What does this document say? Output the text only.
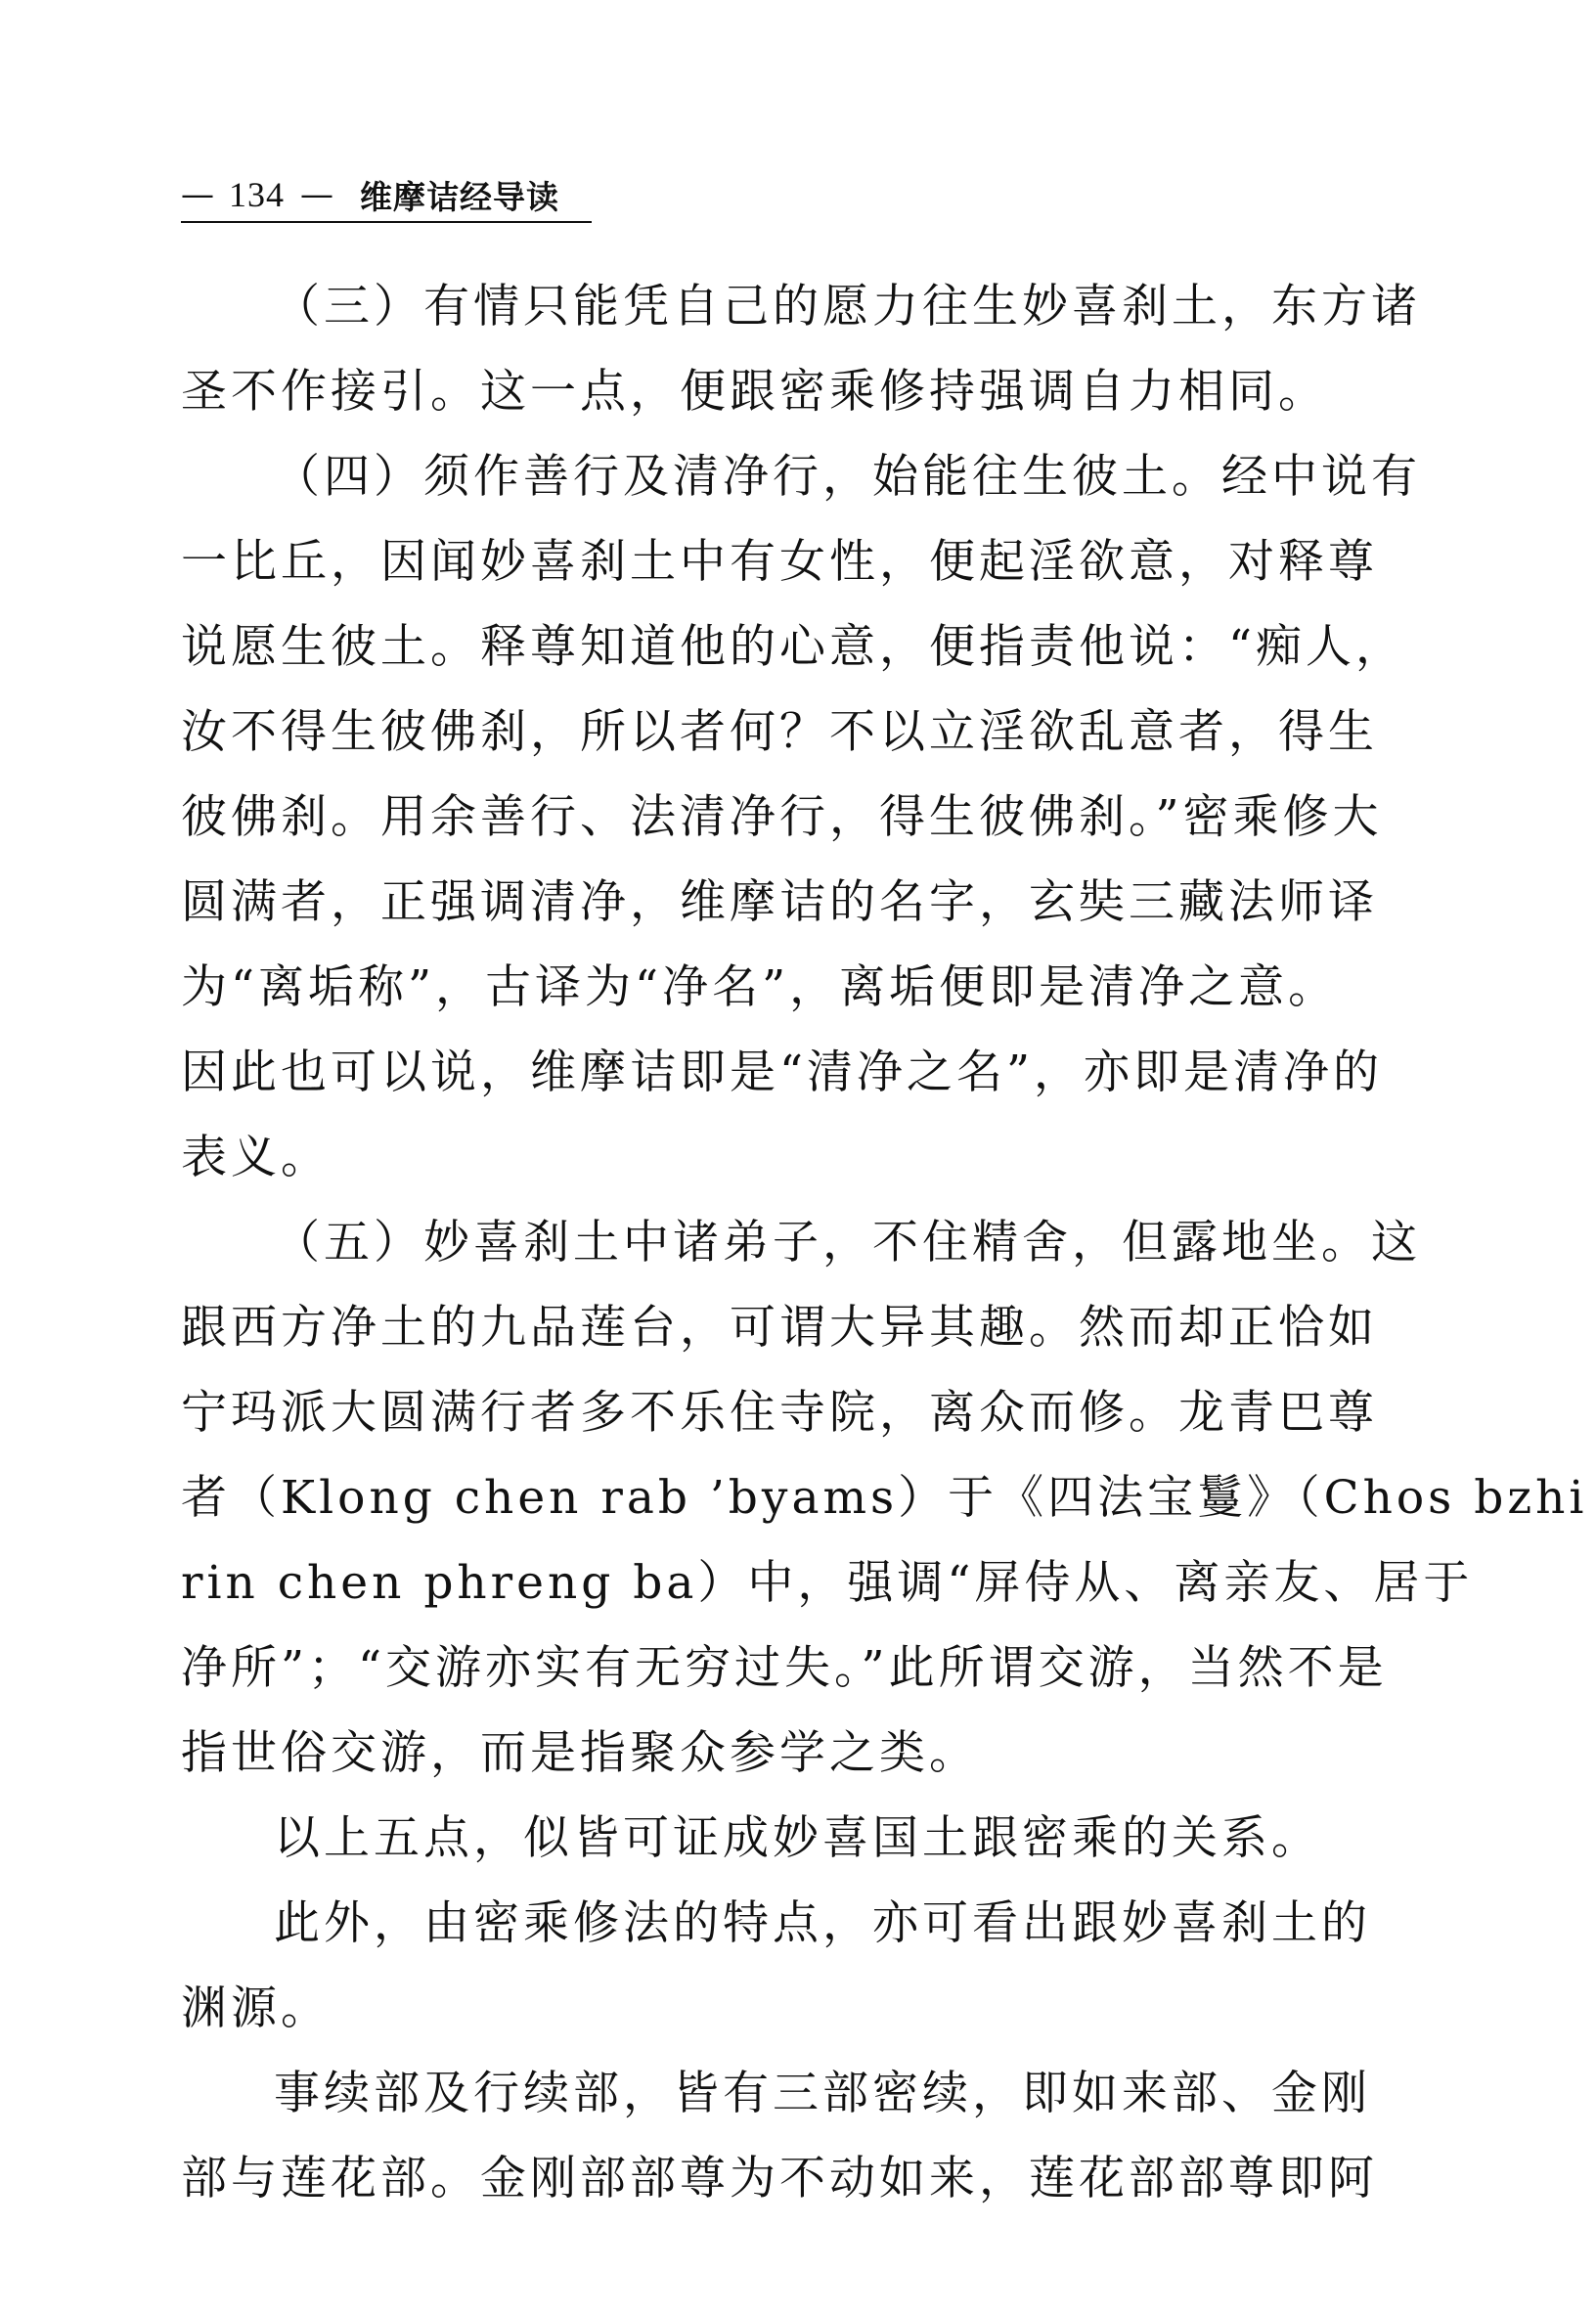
— 134 — 维摩诘经导读
（三）有情只能凭自己的愿力往生妙喜刹土，东方诸
圣不作接引。这一点，便跟密乘修持强调自力相同。
（四）须作善行及清净行，始能往生彼土。经中说有
一比丘，因闻妙喜刹土中有女性，便起淫欲意，对释尊
说愿生彼土。释尊知道他的心意，便指责他说：“痴人，
汝不得生彼佛刹，所以者何？不以立淫欲乱意者，得生
彼佛刹。用余善行、法清净行，得生彼佛刹。”密乘修大
圆满者，正强调清净，维摩诘的名字，玄奘三藏法师译
为“离垢称”，古译为“净名”，离垢便即是清净之意。
因此也可以说，维摩诘即是“清净之名”，亦即是清净的
表义。
（五）妙喜刹土中诸弟子，不住精舍，但露地坐。这
跟西方净土的九品莲台，可谓大异其趣。然而却正恰如
宁玛派大圆满行者多不乐住寺院，离众而修。龙青巴尊
者（Klong chen rab ’byams）于《四法宝鬘》（Chos bzhi
rin chen phreng ba）中，强调“屏侍从、离亲友、居于
净所”；“交游亦实有无穷过失。”此所谓交游，当然不是
指世俗交游，而是指聚众参学之类。
以上五点，似皆可证成妙喜国土跟密乘的关系。
此外，由密乘修法的特点，亦可看出跟妙喜刹土的
渊源。
事续部及行续部，皆有三部密续，即如来部、金刚
部与莲花部。金刚部部尊为不动如来，莲花部部尊即阿
